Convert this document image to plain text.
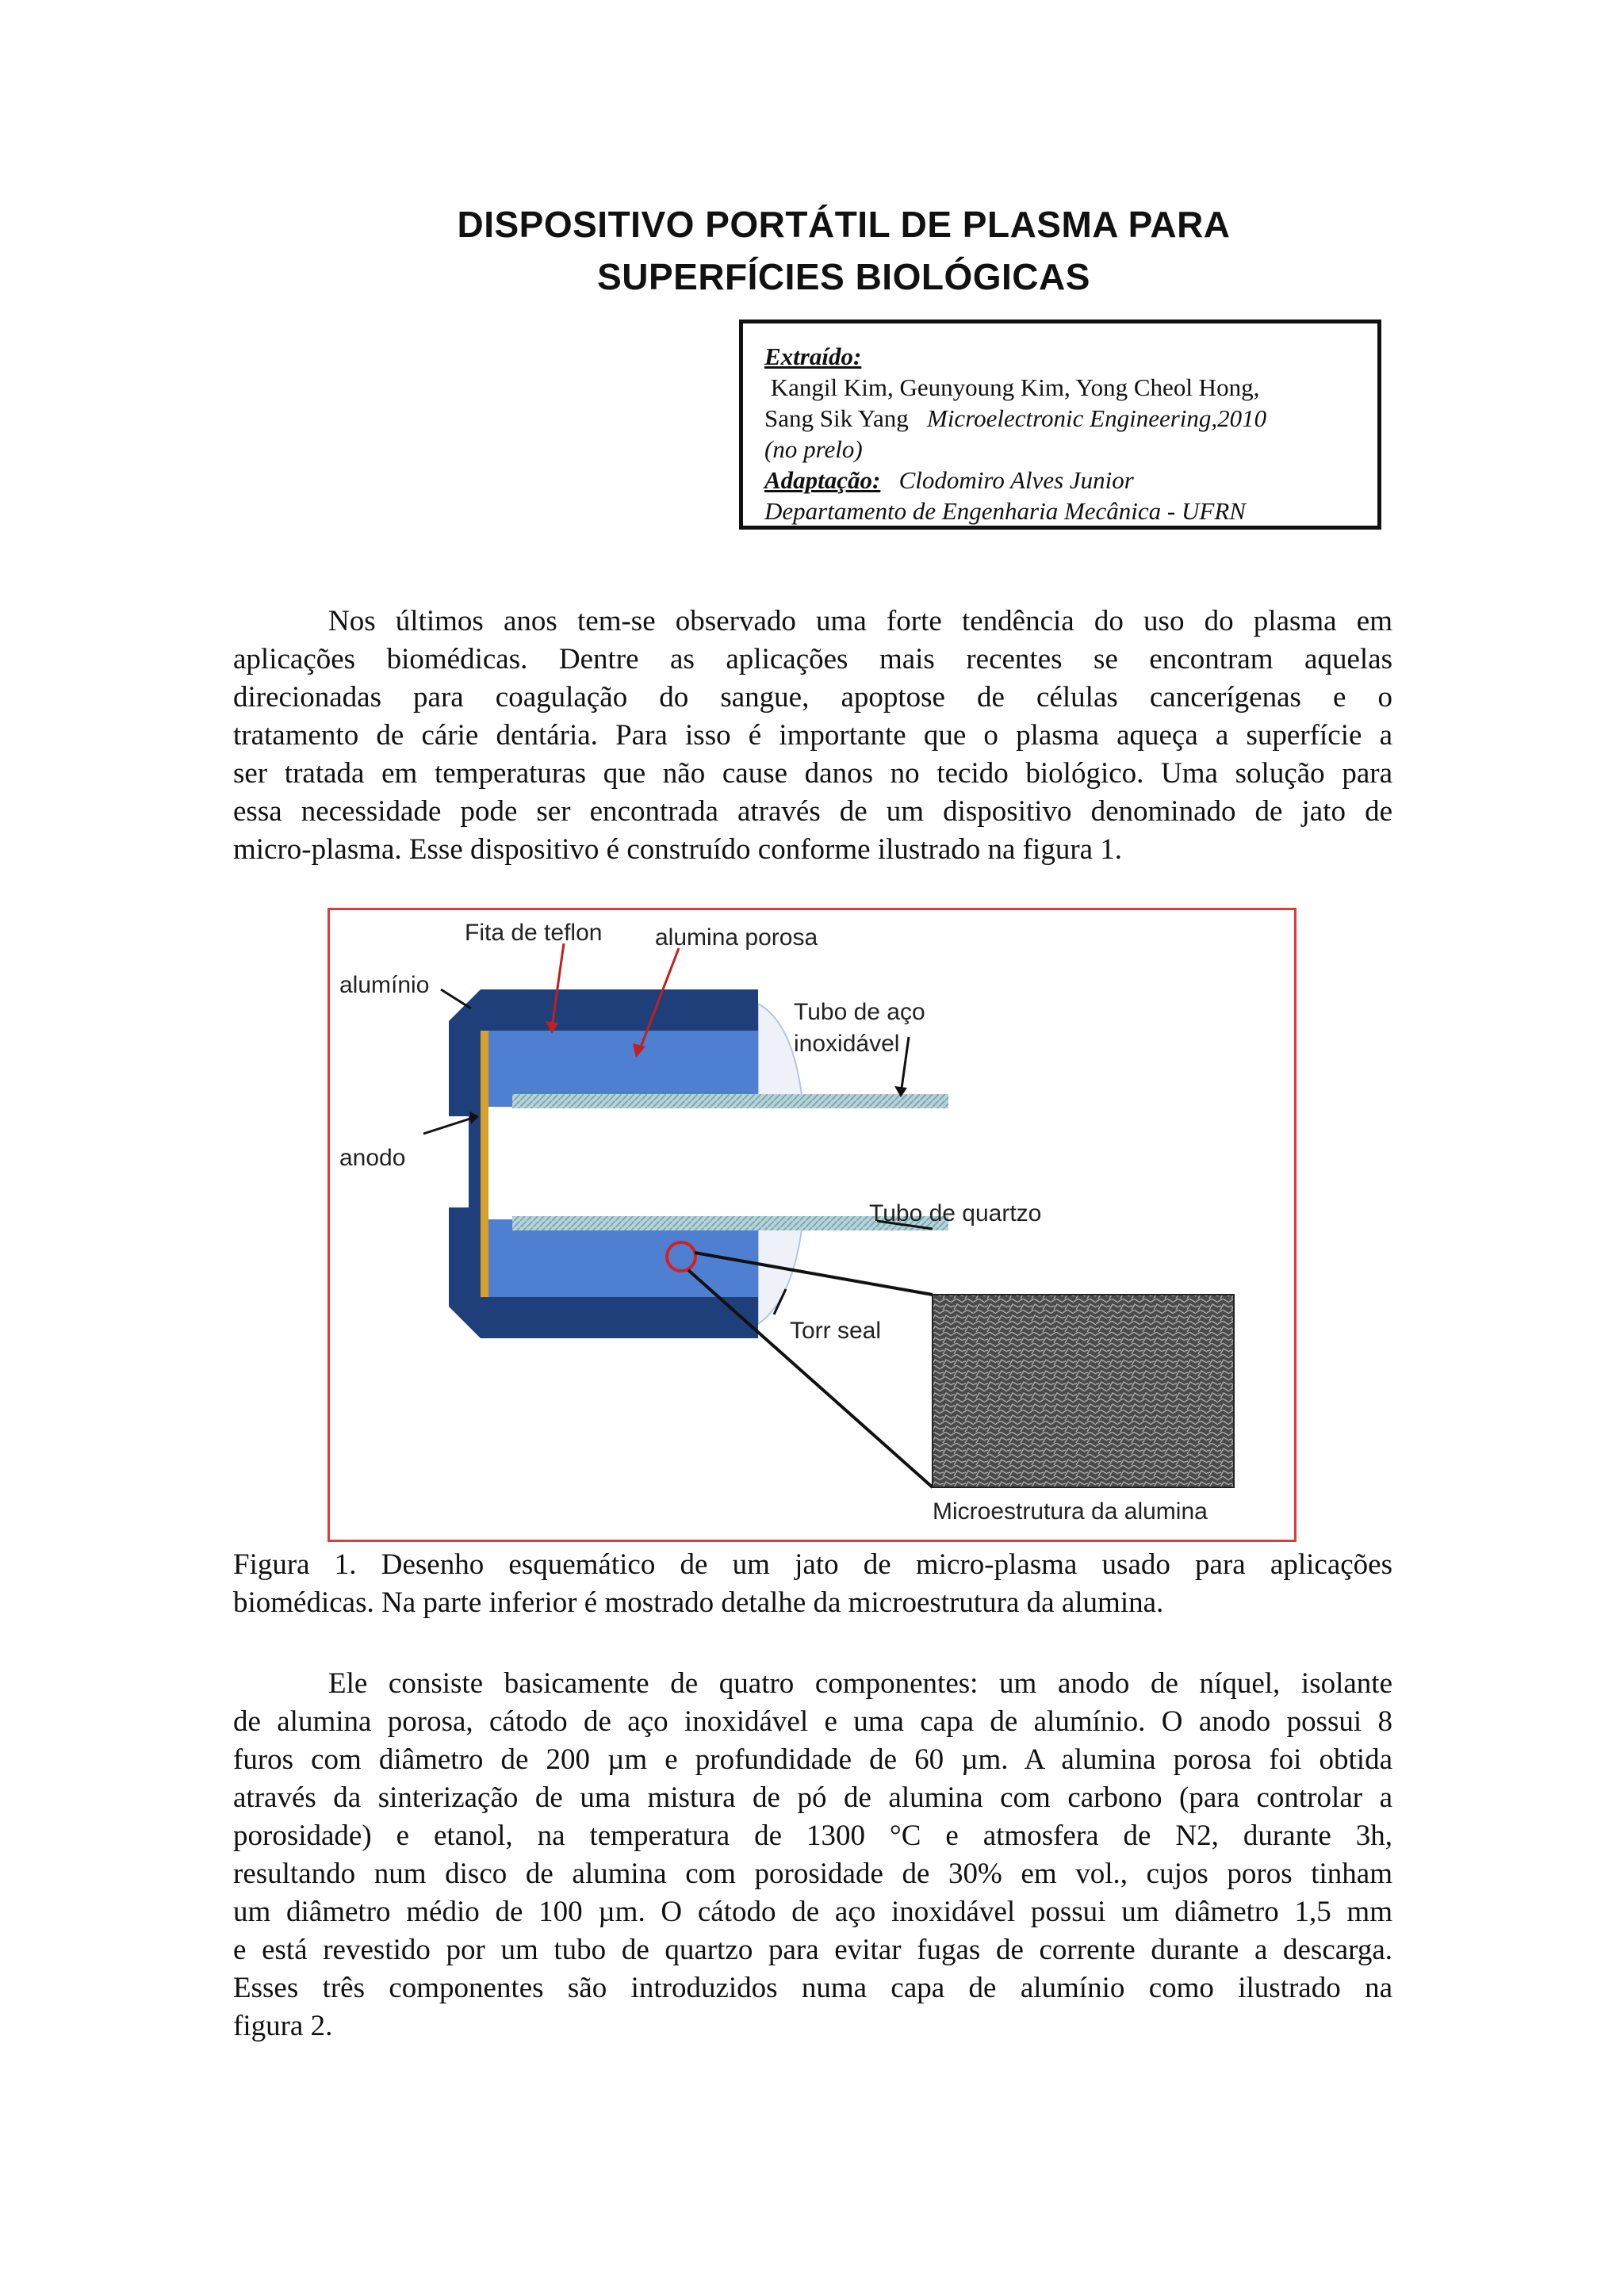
DISPOSITIVO PORTÁTIL DE PLASMA PARA
SUPERFÍCIES BIOLÓGICAS
Extraído:
Kangil Kim, Geunyoung Kim, Yong Cheol Hong,
Sang Sik Yang Microelectronic Engineering,2010
(no prelo)
Adaptação: Clodomiro Alves Junior
Departamento de Engenharia Mecânica - UFRN

Nos últimos anos tem-se observado uma forte tendência do uso do plasma em
aplicações biomédicas. Dentre as aplicações mais recentes se encontram aquelas
direcionadas para coagulação do sangue, apoptose de células cancerígenas e o
tratamento de cárie dentária. Para isso é importante que o plasma aqueça a superfície a
ser tratada em temperaturas que não cause danos no tecido biológico. Uma solução para
essa necessidade pode ser encontrada através de um dispositivo denominado de jato de
micro-plasma. Esse dispositivo é construído conforme ilustrado na figura 1.

Fita de teflon alumina porosa
alumínio
Tubo de aço
inoxidável
anodo
Tubo de quartzo
Torr seal
Microestrutura da alumina

Figura 1. Desenho esquemático de um jato de micro-plasma usado para aplicações
biomédicas. Na parte inferior é mostrado detalhe da microestrutura da alumina.

Ele consiste basicamente de quatro componentes: um anodo de níquel, isolante
de alumina porosa, cátodo de aço inoxidável e uma capa de alumínio. O anodo possui 8
furos com diâmetro de 200 µm e profundidade de 60 µm. A alumina porosa foi obtida
através da sinterização de uma mistura de pó de alumina com carbono (para controlar a
porosidade) e etanol, na temperatura de 1300 °C e atmosfera de N2, durante 3h,
resultando num disco de alumina com porosidade de 30% em vol., cujos poros tinham
um diâmetro médio de 100 µm. O cátodo de aço inoxidável possui um diâmetro 1,5 mm
e está revestido por um tubo de quartzo para evitar fugas de corrente durante a descarga.
Esses três componentes são introduzidos numa capa de alumínio como ilustrado na
figura 2.
